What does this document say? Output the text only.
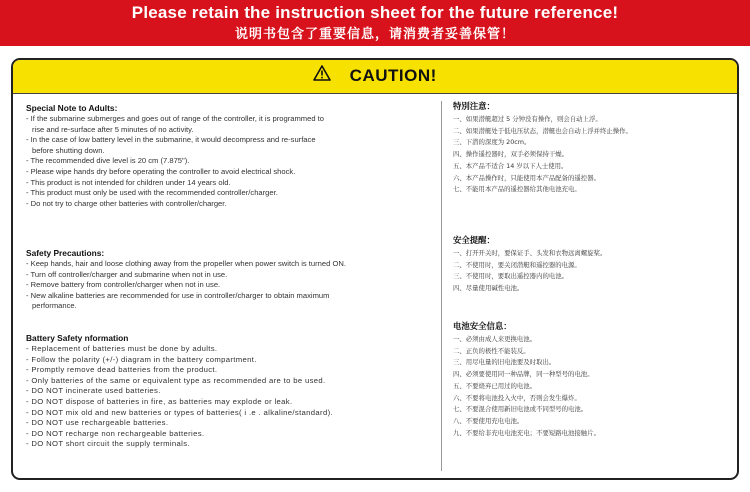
Please retain the instruction sheet for the future reference!
说明书包含了重要信息，请消费者妥善保管！
CAUTION!
Special Note to Adults:
- If the submarine submerges and goes out of range of the controller, it is programmed to
rise and re-surface after 5 minutes of no activity.
- In the case of low battery level in the submarine, it would decompress and re-surface
before shutting down.
- The recommended dive level is 20 cm (7.875").
- Please wipe hands dry before operating the controller to avoid electrical shock.
- This product is not intended for children under 14 years old.
- This product must only be used with the recommended controller/charger.
- Do not try to charge other batteries with controller/charger.
Safety Precautions:
- Keep hands, hair and loose clothing away from the propeller when power switch is turned ON.
- Turn off controller/charger and submarine when not in use.
- Remove battery from controller/charger when not in use.
- New alkaline batteries are recommended for use in controller/charger to obtain maximum
performance.
Battery Safety nformation
- Replacement of batteries must be done by adults.
- Follow the polarity (+/-) diagram in the battery compartment.
- Promptly remove dead batteries from the product.
- Only batteries of the same or equivalent type as recommended are to be used.
- DO NOT incinerate used batteries.
- DO NOT dispose of batteries in fire, as batteries may explode or leak.
- DO NOT mix old and new batteries or types of batteries( i .e . alkaline/standard).
- DO NOT use rechargeable batteries.
- DO NOT recharge non rechargeable batteries.
- DO NOT short circuit the supply terminals.
特別注意：
一、如果潜艇超过 5 分钟没有操作，则会自动上浮。
二、如果潜艇处于低电压状态，潜艇也会自动上浮并终止操作。
三、下潜的深度为 20cm。
四、操作遥控器时，双手必须保持干燥。
五、本产品不适合 14 岁以下人士使用。
六、本产品操作时，只能使用本产品配备的遥控器。
七、不能用本产品的遥控器给其他电池充电。
安全提醒：
一、打开开关时，要保证手、头发和衣物远离螺旋桨。
二、不使用时，要关闭潜艇和遥控器的电源。
三、不使用时，要取出遥控器内的电池。
四、尽量使用碱性电池。
电池安全信息：
一、必须由成人来更换电池。
二、正负的极性不能装反。
三、用尽电量的旧电池要及时取出。
四、必须要使用同一种品牌，同一种型号的电池。
五、不要烧弃已用过的电池。
六、不要将电池投入火中，否则会发生爆炸。
七、不要混合使用新旧电池或不同型号的电池。
八、不要使用充电电池。
九、不要给非充电电池充电；不要短路电池接触片。
